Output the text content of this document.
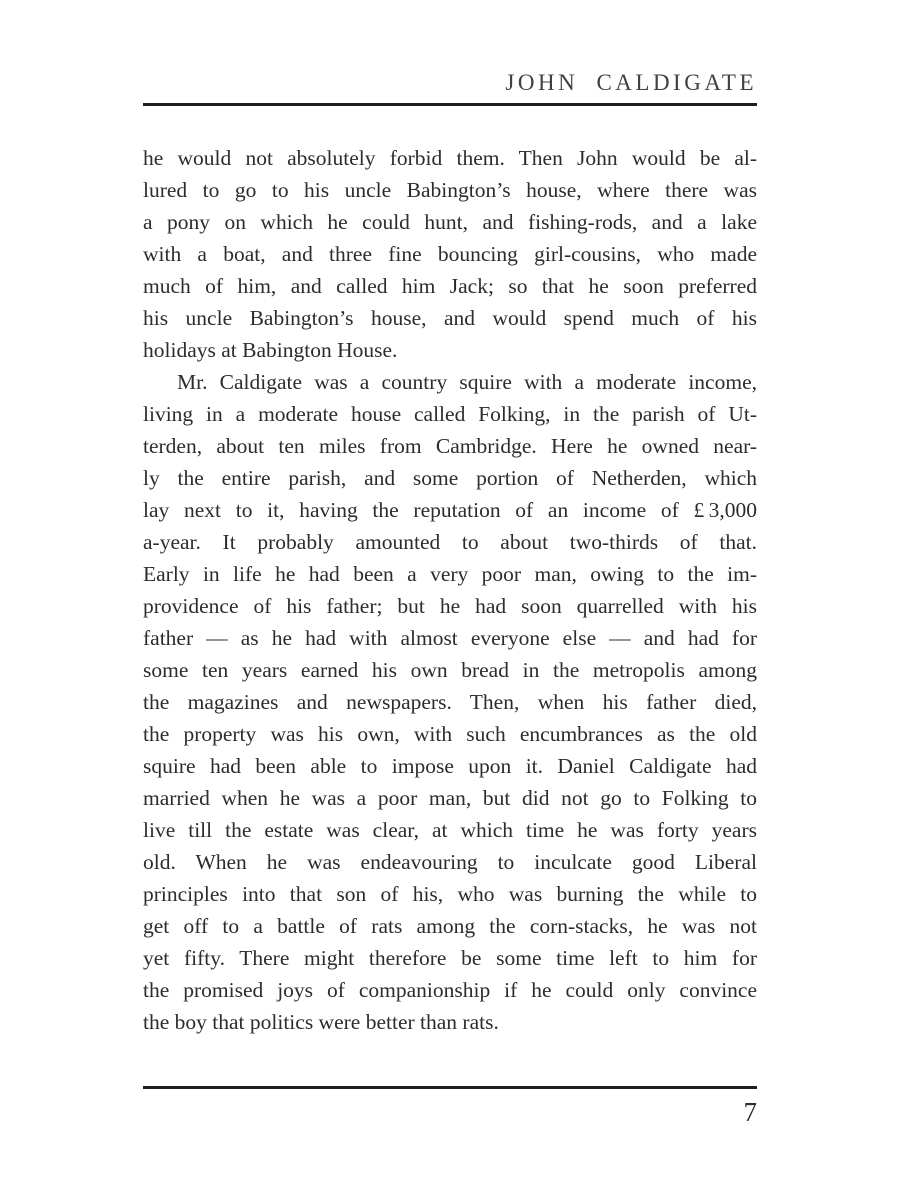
JOHN CALDIGATE
he would not absolutely forbid them. Then John would be al-
lured to go to his uncle Babington’s house, where there was
a pony on which he could hunt, and fishing-rods, and a lake
with a boat, and three fine bouncing girl-cousins, who made
much of him, and called him Jack; so that he soon preferred
his uncle Babington’s house, and would spend much of his
holidays at Babington House.
Mr. Caldigate was a country squire with a moderate income,
living in a moderate house called Folking, in the parish of Ut-
terden, about ten miles from Cambridge. Here he owned near-
ly the entire parish, and some portion of Netherden, which
lay next to it, having the reputation of an income of £ 3,000
a-year. It probably amounted to about two-thirds of that.
Early in life he had been a very poor man, owing to the im-
providence of his father; but he had soon quarrelled with his
father — as he had with almost everyone else — and had for
some ten years earned his own bread in the metropolis among
the magazines and newspapers. Then, when his father died,
the property was his own, with such encumbrances as the old
squire had been able to impose upon it. Daniel Caldigate had
married when he was a poor man, but did not go to Folking to
live till the estate was clear, at which time he was forty years
old. When he was endeavouring to inculcate good Liberal
principles into that son of his, who was burning the while to
get off to a battle of rats among the corn-stacks, he was not
yet fifty. There might therefore be some time left to him for
the promised joys of companionship if he could only convince
the boy that politics were better than rats.
7
